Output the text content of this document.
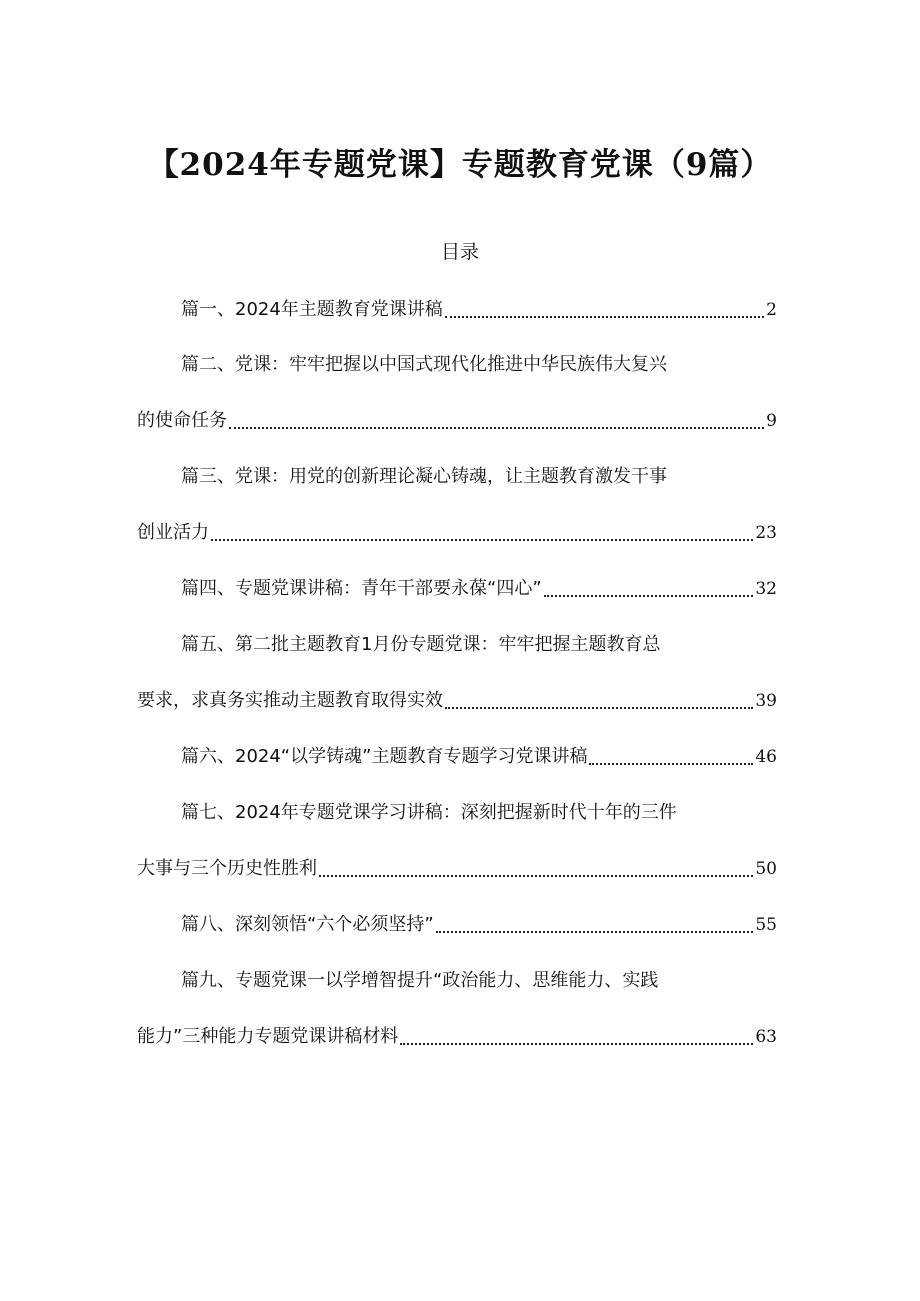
【2024年专题党课】专题教育党课（9篇）
目录
篇一、2024年主题教育党课讲稿	2
篇二、党课：牢牢把握以中国式现代化推进中华民族伟大复兴
的使命任务	9
篇三、党课：用党的创新理论凝心铸魂，让主题教育激发干事
创业活力	23
篇四、专题党课讲稿：青年干部要永葆“四心”	32
篇五、第二批主题教育1月份专题党课：牢牢把握主题教育总
要求，求真务实推动主题教育取得实效	39
篇六、2024“以学铸魂”主题教育专题学习党课讲稿	46
篇七、2024年专题党课学习讲稿：深刻把握新时代十年的三件
大事与三个历史性胜利	50
篇八、深刻领悟“六个必须坚持”	55
篇九、专题党课一以学增智提升“政治能力、思维能力、实践
能力”三种能力专题党课讲稿材料	63
